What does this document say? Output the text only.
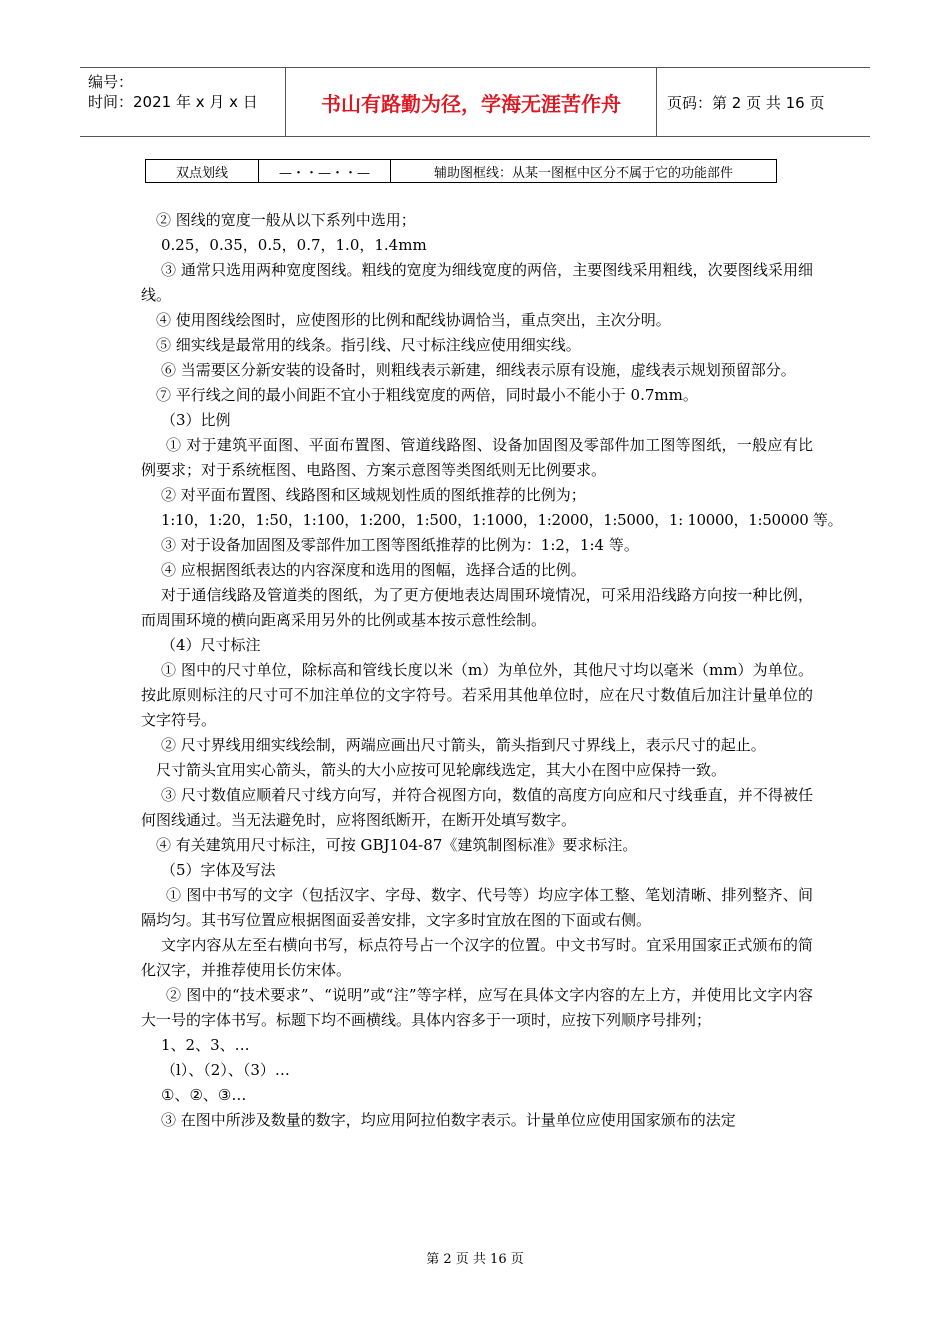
编号：
时间：2021 年 x 月 x 日	书山有路勤为径，学海无涯苦作舟	页码：第 2 页 共 16 页
双点划线	—・・—・・—	辅助图框线：从某一图框中区分不属于它的功能部件
② 图线的宽度一般从以下系列中选用；
0.25，0.35，0.5，0.7，1.0，1.4mm
③ 通常只选用两种宽度图线。粗线的宽度为细线宽度的两倍，主要图线采用粗线，次要图线采用细线。
④ 使用图线绘图时，应使图形的比例和配线协调恰当，重点突出，主次分明。
⑤ 细实线是最常用的线条。指引线、尺寸标注线应使用细实线。
⑥ 当需要区分新安装的设备时，则粗线表示新建，细线表示原有设施，虚线表示规划预留部分。
⑦ 平行线之间的最小间距不宜小于粗线宽度的两倍，同时最小不能小于 0.7mm。
（3）比例
① 对于建筑平面图、平面布置图、管道线路图、设备加固图及零部件加工图等图纸，一般应有比例要求；对于系统框图、电路图、方案示意图等类图纸则无比例要求。
② 对平面布置图、线路图和区域规划性质的图纸推荐的比例为；
1:10，1:20，1:50，1:100，1:200，1:500，1:1000，1:2000，1:5000，1: 10000，1:50000 等。
③ 对于设备加固图及零部件加工图等图纸推荐的比例为：1:2，1:4 等。
④ 应根据图纸表达的内容深度和选用的图幅，选择合适的比例。
对于通信线路及管道类的图纸，为了更方便地表达周围环境情况，可采用沿线路方向按一种比例，而周围环境的横向距离采用另外的比例或基本按示意性绘制。
（4）尺寸标注
① 图中的尺寸单位，除标高和管线长度以米（m）为单位外，其他尺寸均以毫米（mm）为单位。按此原则标注的尺寸可不加注单位的文字符号。若采用其他单位时，应在尺寸数值后加注计量单位的文字符号。
② 尺寸界线用细实线绘制，两端应画出尺寸箭头，箭头指到尺寸界线上，表示尺寸的起止。
尺寸箭头宜用实心箭头，箭头的大小应按可见轮廓线选定，其大小在图中应保持一致。
③ 尺寸数值应顺着尺寸线方向写，并符合视图方向，数值的高度方向应和尺寸线垂直，并不得被任何图线通过。当无法避免时，应将图纸断开，在断开处填写数字。
④ 有关建筑用尺寸标注，可按 GBJ104-87《建筑制图标准》要求标注。
（5）字体及写法
① 图中书写的文字（包括汉字、字母、数字、代号等）均应字体工整、笔划清晰、排列整齐、间隔均匀。其书写位置应根据图面妥善安排，文字多时宜放在图的下面或右侧。
文字内容从左至右横向书写，标点符号占一个汉字的位置。中文书写时。宜采用国家正式颁布的简化汉字，并推荐使用长仿宋体。
② 图中的“技术要求”、“说明”或“注”等字样，应写在具体文字内容的左上方，并使用比文字内容大一号的字体书写。标题下均不画横线。具体内容多于一项时，应按下列顺序号排列；
1、2、3、…
（l）、（2）、（3）…
①、②、③…
③ 在图中所涉及数量的数字，均应用阿拉伯数字表示。计量单位应使用国家颁布的法定
第 2 页 共 16 页
